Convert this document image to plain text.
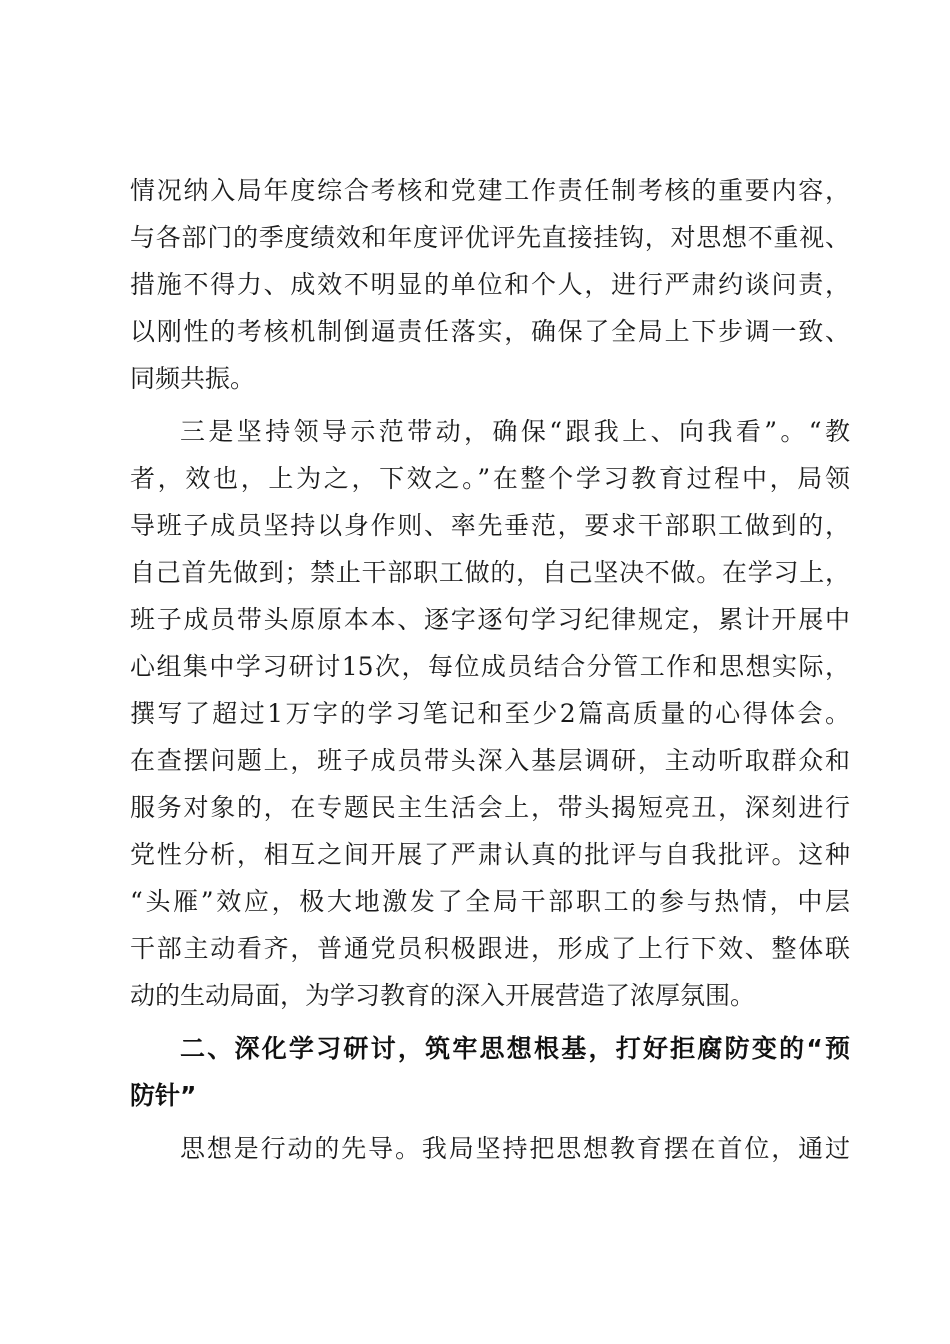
情况纳入局年度综合考核和党建工作责任制考核的重要内容，
与各部门的季度绩效和年度评优评先直接挂钩，对思想不重视、
措施不得力、成效不明显的单位和个人，进行严肃约谈问责，
以刚性的考核机制倒逼责任落实，确保了全局上下步调一致、
同频共振。
三是坚持领导示范带动，确保“跟我上、向我看”。“教
者，效也，上为之，下效之。”在整个学习教育过程中，局领
导班子成员坚持以身作则、率先垂范，要求干部职工做到的，
自己首先做到；禁止干部职工做的，自己坚决不做。在学习上，
班子成员带头原原本本、逐字逐句学习纪律规定，累计开展中
心组集中学习研讨15次，每位成员结合分管工作和思想实际，
撰写了超过1万字的学习笔记和至少2篇高质量的心得体会。
在查摆问题上，班子成员带头深入基层调研，主动听取群众和
服务对象的，在专题民主生活会上，带头揭短亮丑，深刻进行
党性分析，相互之间开展了严肃认真的批评与自我批评。这种
“头雁”效应，极大地激发了全局干部职工的参与热情，中层
干部主动看齐，普通党员积极跟进，形成了上行下效、整体联
动的生动局面，为学习教育的深入开展营造了浓厚氛围。
二、深化学习研讨，筑牢思想根基，打好拒腐防变的“预
防针”
思想是行动的先导。我局坚持把思想教育摆在首位，通过
